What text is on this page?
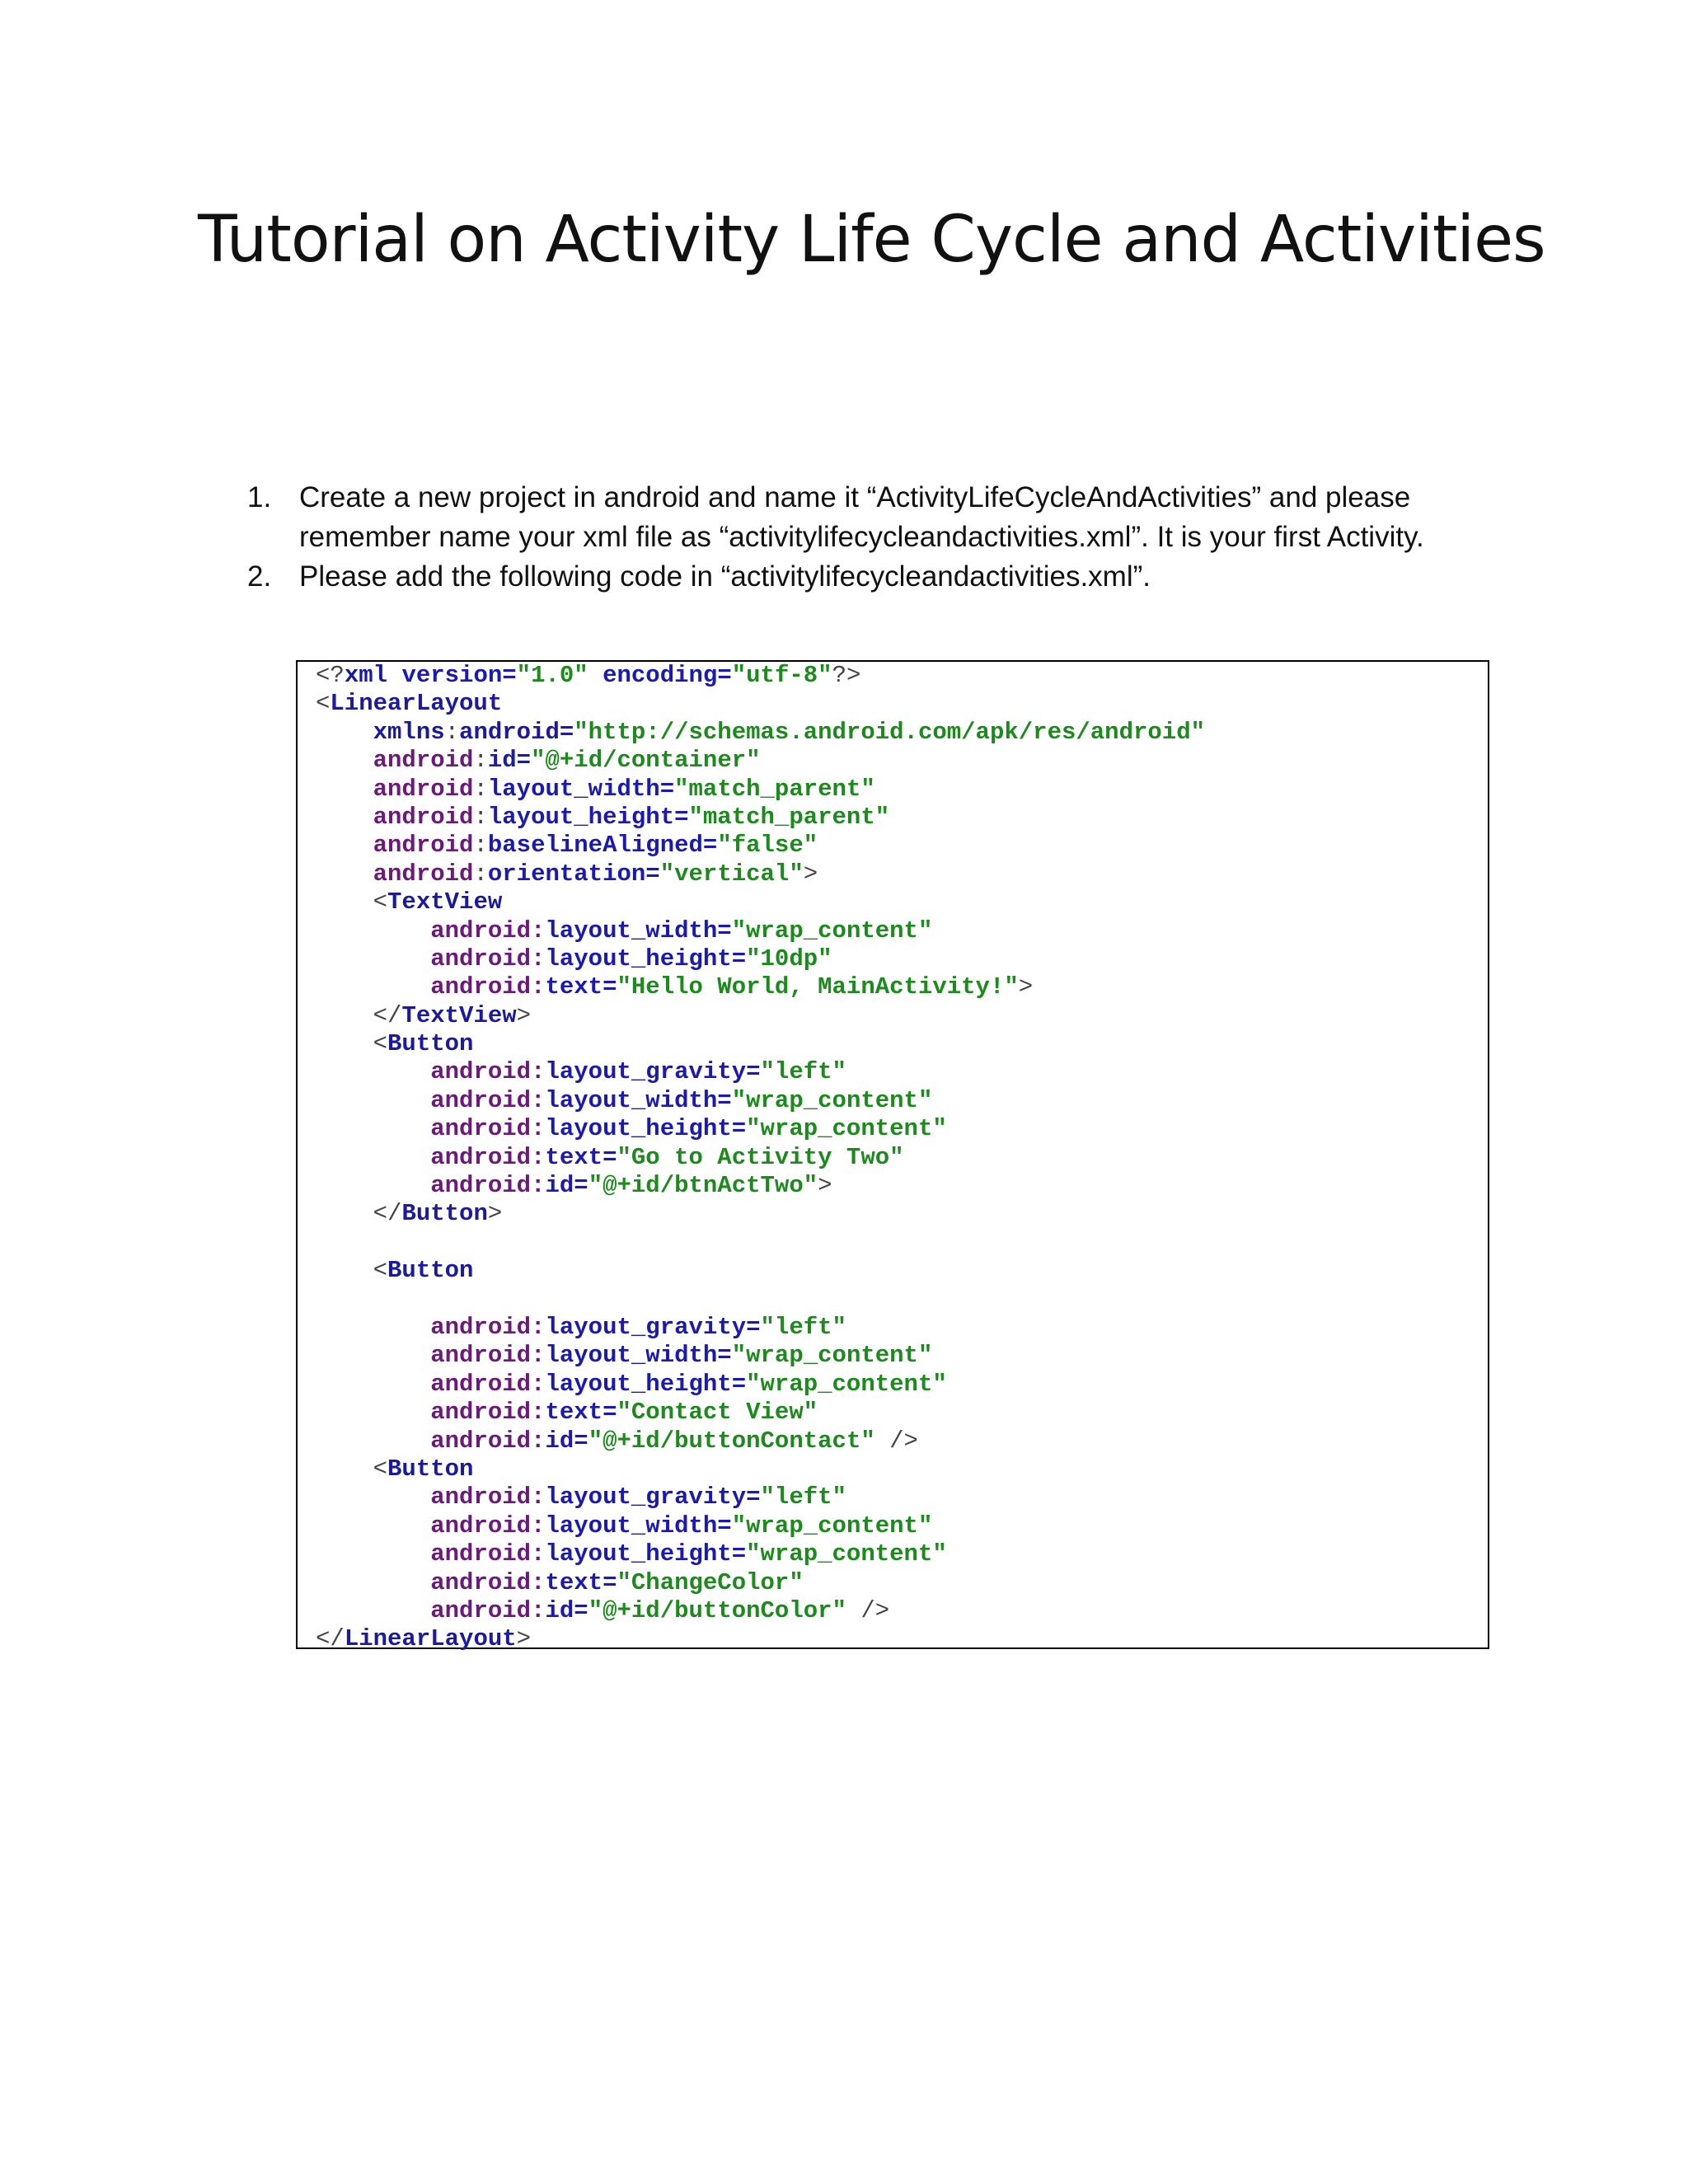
Tutorial on Activity Life Cycle and Activities
1. Create a new project in android and name it “ActivityLifeCycleAndActivities” and please
remember name your xml file as “activitylifecycleandactivities.xml”. It is your first Activity.
2. Please add the following code in “activitylifecycleandactivities.xml”.
<?xml version="1.0" encoding="utf-8"?>
<LinearLayout
xmlns:android="http://schemas.android.com/apk/res/android"
android:id="@+id/container"
android:layout_width="match_parent"
android:layout_height="match_parent"
android:baselineAligned="false"
android:orientation="vertical">
<TextView
android:layout_width="wrap_content"
android:layout_height="10dp"
android:text="Hello World, MainActivity!">
</TextView>
<Button
android:layout_gravity="left"
android:layout_width="wrap_content"
android:layout_height="wrap_content"
android:text="Go to Activity Two"
android:id="@+id/btnActTwo">
</Button>
<Button
android:layout_gravity="left"
android:layout_width="wrap_content"
android:layout_height="wrap_content"
android:text="Contact View"
android:id="@+id/buttonContact" />
<Button
android:layout_gravity="left"
android:layout_width="wrap_content"
android:layout_height="wrap_content"
android:text="ChangeColor"
android:id="@+id/buttonColor" />
</LinearLayout>
